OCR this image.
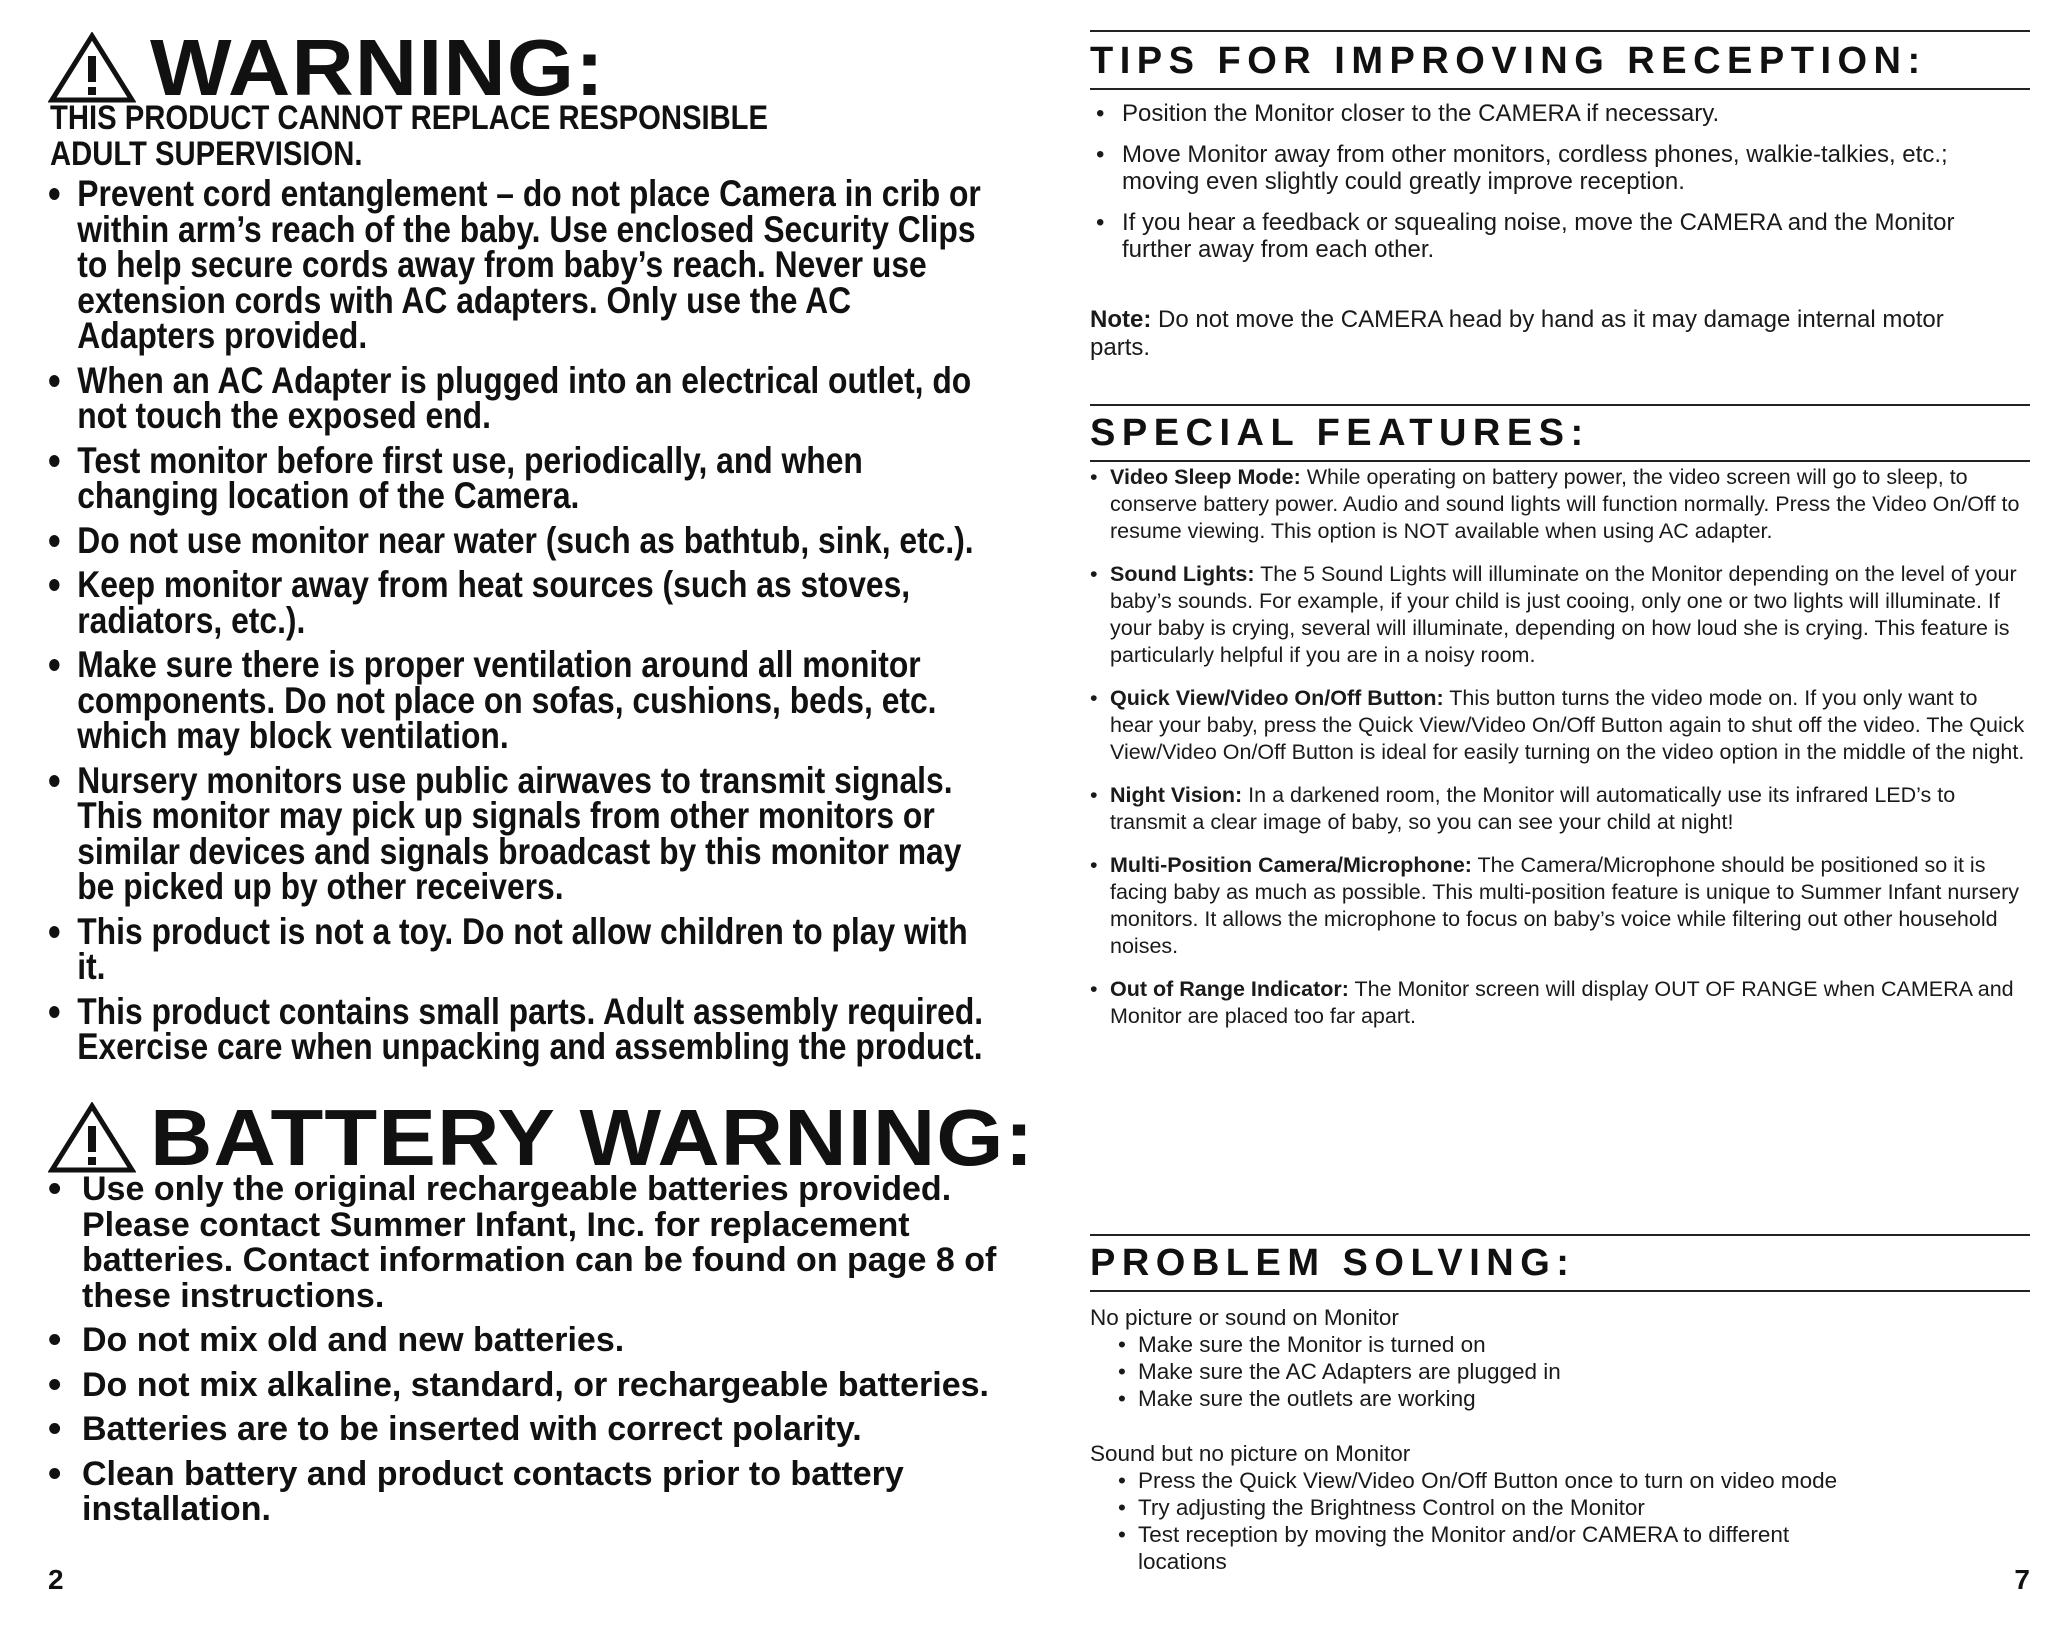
WARNING:
THIS PRODUCT CANNOT REPLACE RESPONSIBLE ADULT SUPERVISION.
• Prevent cord entanglement – do not place Camera in crib or within arm’s reach of the baby. Use enclosed Security Clips to help secure cords away from baby’s reach. Never use extension cords with AC adapters. Only use the AC Adapters provided.
• When an AC Adapter is plugged into an electrical outlet, do not touch the exposed end.
• Test monitor before first use, periodically, and when changing location of the Camera.
• Do not use monitor near water (such as bathtub, sink, etc.).
• Keep monitor away from heat sources (such as stoves, radiators, etc.).
• Make sure there is proper ventilation around all monitor components. Do not place on sofas, cushions, beds, etc. which may block ventilation.
• Nursery monitors use public airwaves to transmit signals. This monitor may pick up signals from other monitors or similar devices and signals broadcast by this monitor may be picked up by other receivers.
• This product is not a toy. Do not allow children to play with it.
• This product contains small parts. Adult assembly required. Exercise care when unpacking and assembling the product.
BATTERY WARNING:
• Use only the original rechargeable batteries provided. Please contact Summer Infant, Inc. for replacement batteries. Contact information can be found on page 8 of these instructions.
• Do not mix old and new batteries.
• Do not mix alkaline, standard, or rechargeable batteries.
• Batteries are to be inserted with correct polarity.
• Clean battery and product contacts prior to battery installation.
2
TIPS FOR IMPROVING RECEPTION:
• Position the Monitor closer to the CAMERA if necessary.
• Move Monitor away from other monitors, cordless phones, walkie-talkies, etc.; moving even slightly could greatly improve reception.
• If you hear a feedback or squealing noise, move the CAMERA and the Monitor further away from each other.
Note: Do not move the CAMERA head by hand as it may damage internal motor parts.
SPECIAL FEATURES:
• Video Sleep Mode: While operating on battery power, the video screen will go to sleep, to conserve battery power. Audio and sound lights will function normally. Press the Video On/Off to resume viewing. This option is NOT available when using AC adapter.
• Sound Lights: The 5 Sound Lights will illuminate on the Monitor depending on the level of your baby’s sounds. For example, if your child is just cooing, only one or two lights will illuminate. If your baby is crying, several will illuminate, depending on how loud she is crying. This feature is particularly helpful if you are in a noisy room.
• Quick View/Video On/Off Button: This button turns the video mode on. If you only want to hear your baby, press the Quick View/Video On/Off Button again to shut off the video. The Quick View/Video On/Off Button is ideal for easily turning on the video option in the middle of the night.
• Night Vision: In a darkened room, the Monitor will automatically use its infrared LED’s to transmit a clear image of baby, so you can see your child at night!
• Multi-Position Camera/Microphone: The Camera/Microphone should be positioned so it is facing baby as much as possible. This multi-position feature is unique to Summer Infant nursery monitors. It allows the microphone to focus on baby’s voice while filtering out other household noises.
• Out of Range Indicator: The Monitor screen will display OUT OF RANGE when CAMERA and Monitor are placed too far apart.
PROBLEM SOLVING:
No picture or sound on Monitor
• Make sure the Monitor is turned on
• Make sure the AC Adapters are plugged in
• Make sure the outlets are working
Sound but no picture on Monitor
• Press the Quick View/Video On/Off Button once to turn on video mode
• Try adjusting the Brightness Control on the Monitor
• Test reception by moving the Monitor and/or CAMERA to different locations
7
